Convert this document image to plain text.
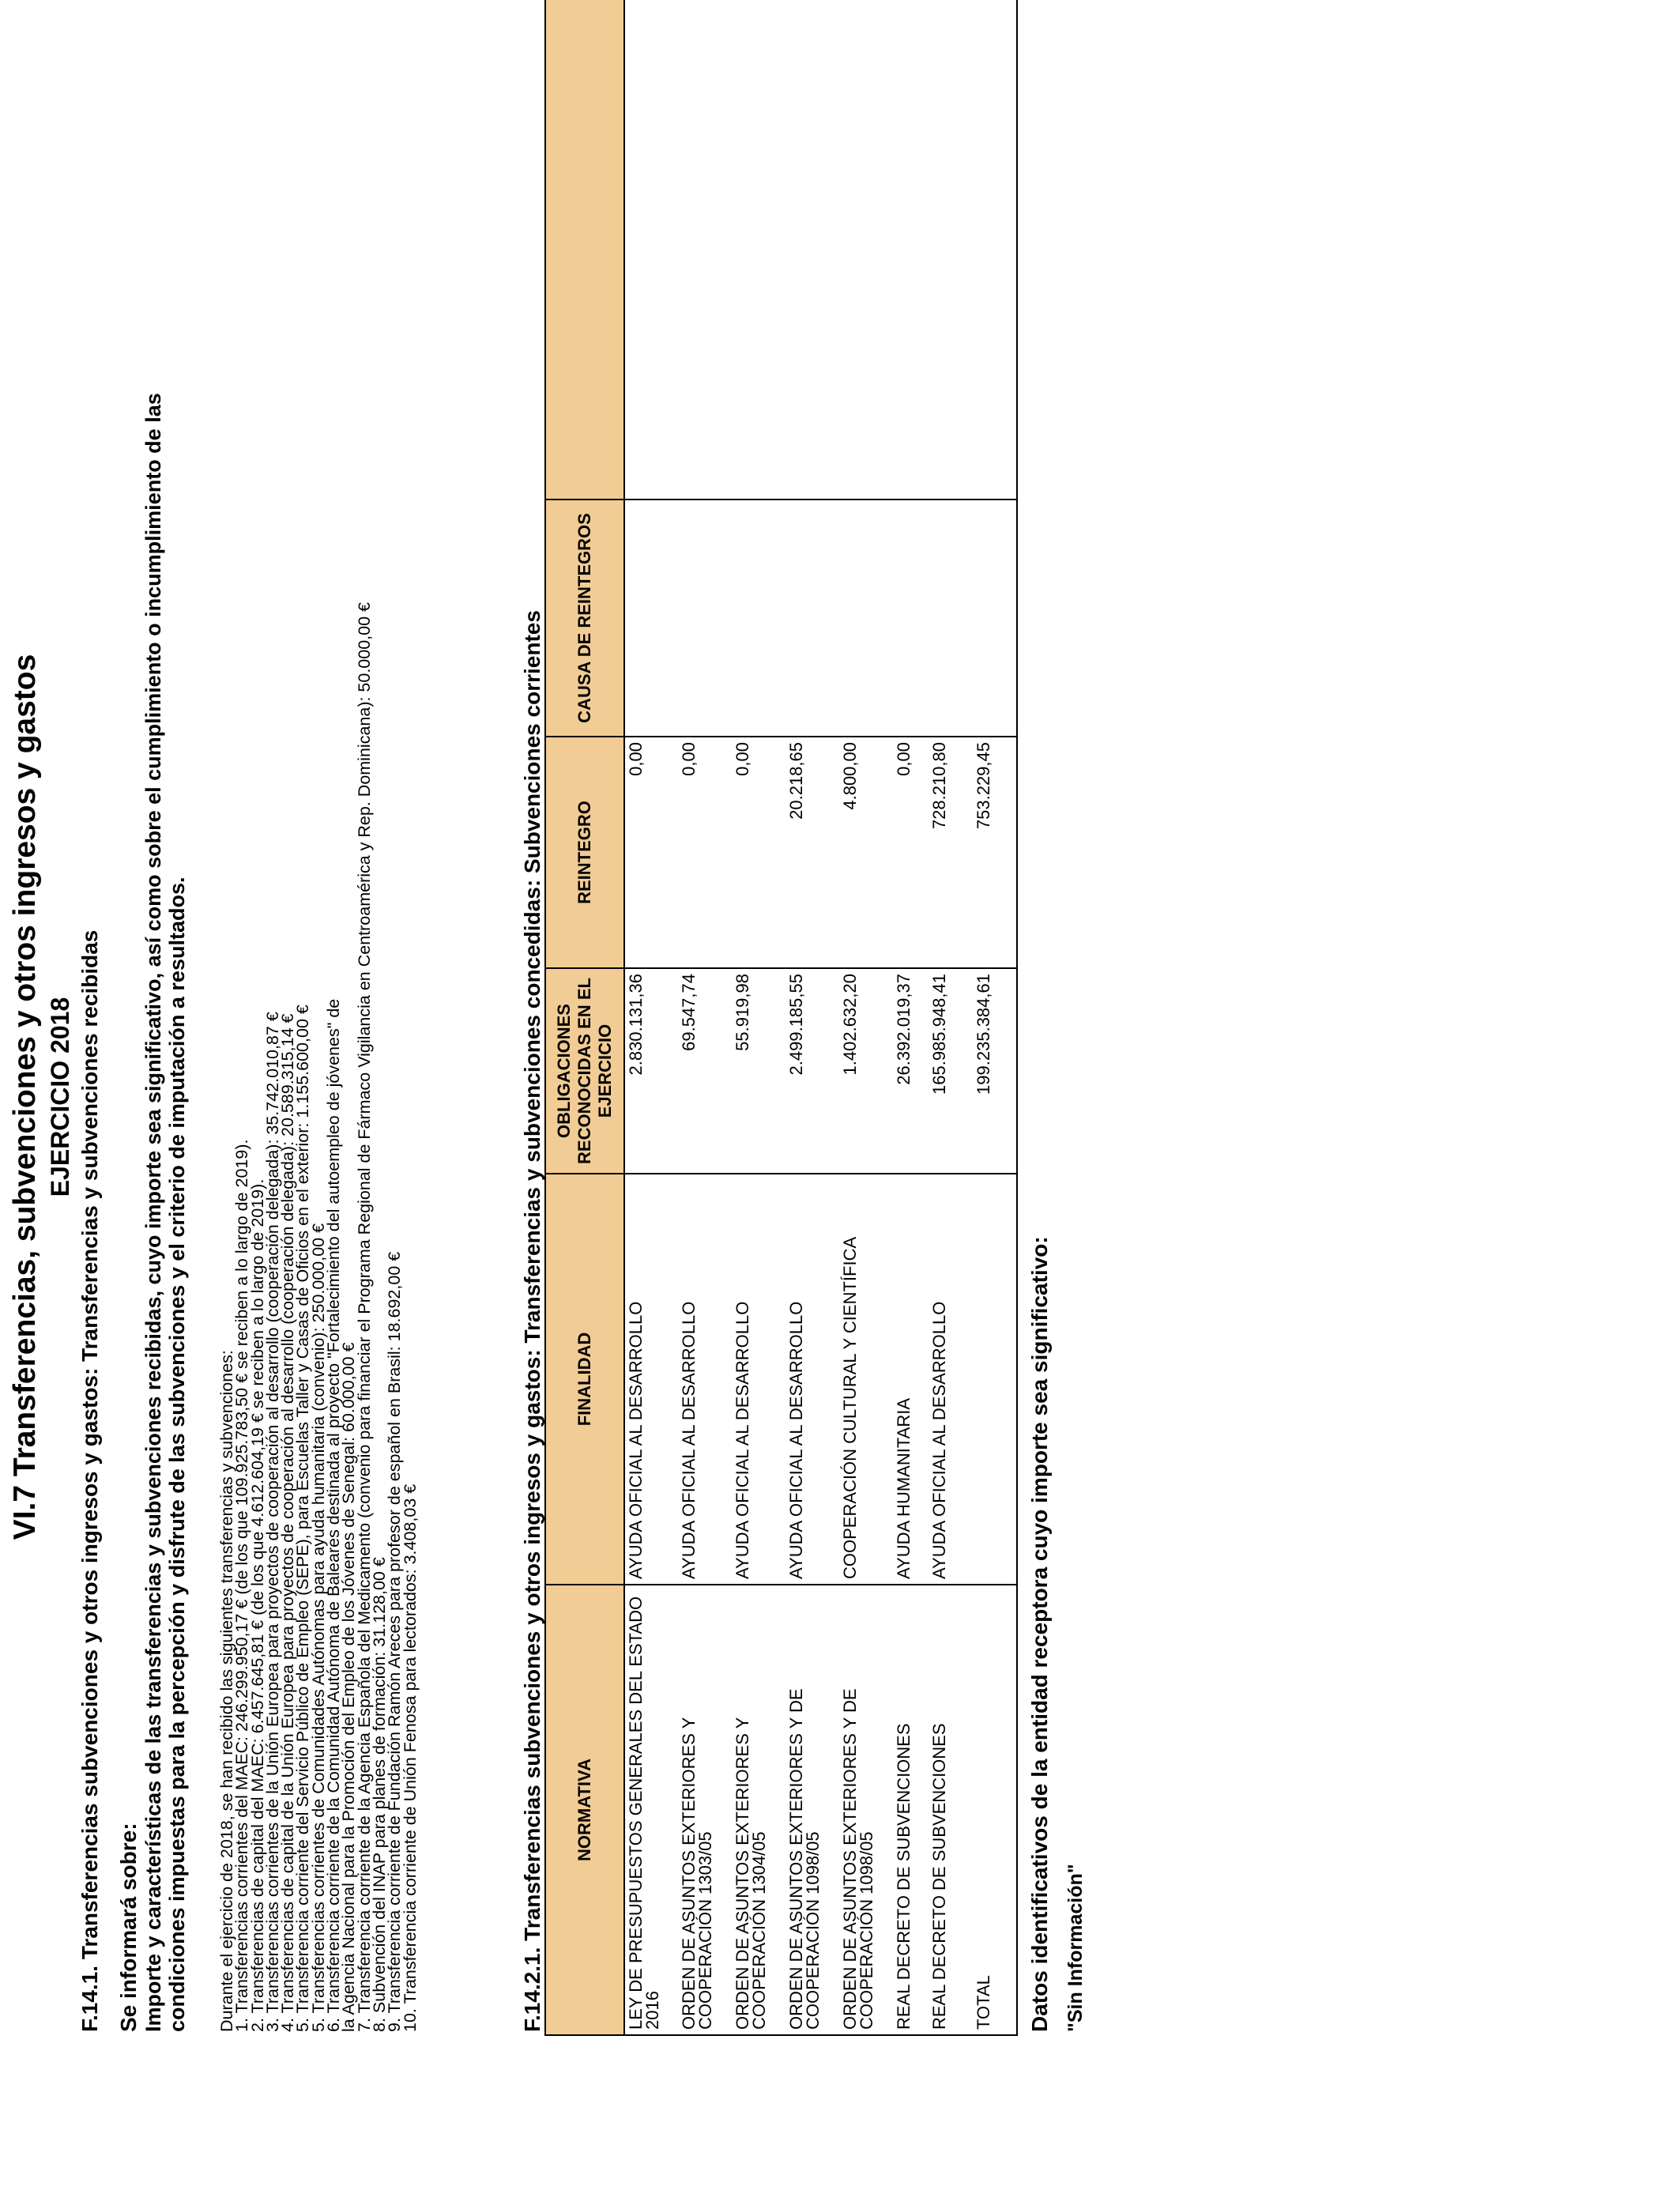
VI.7 Transferencias, subvenciones y otros ingresos y gastos EJERCICIO 2018 F.14.1. Transferencias subvenciones y otros ingresos y gastos: Transferencias y subvenciones recibidas Se informará sobre: Importe y características de las transferencias y subvenciones recibidas, cuyo importe sea significativo, así como sobre el cumplimiento o incumplimiento de las condiciones impuestas para la percepción y disfrute de las subvenciones y el criterio de imputación a resultados. Durante el ejercicio de 2018, se han recibido las siguientes transferencias y subvenciones:
1. Transferencias corrientes del MAEC: 246.299.950,17 € (de los que 109.925.783,50 € se reciben a lo largo de 2019).
2. Transferencias de capital del MAEC: 6.457.645,81 € (de los que 4.612.604,19 € se reciben a lo largo de 2019).
3. Transferencias corrientes de la Unión Europea para proyectos de cooperación al desarrollo (cooperación delegada): 35.742.010,87 €
4. Transferencias de capital de la Unión Europea para proyectos de cooperación al desarrollo (cooperación delegada): 20.589.315,14 €
5. Transferencia corriente del Servicio Público de Empleo (SEPE), para Escuelas Taller y Casas de Oficios en el exterior: 1.155.600,00 €
5. Transferencias corrientes de Comunidades Autónomas para ayuda humanitaria (convenio): 250.000,00 €
6. Transferencia corriente de la Comunidad Autónoma de Baleares destinada al proyecto "Fortalecimiento del autoempleo de jóvenes" de
la Agencia Nacional para la Promoción del Empleo de los Jóvenes de Senegal: 60.000,00 €
7. Transferencia corriente de la Agencia Española del Medicamento (convenio para financiar el Programa Regional de Fármaco Vigilancia en Centroamérica y Rep. Dominicana): 50.000,00 €
8. Subvención del INAP para planes de formación: 31.128,00 €
9. Transferencia corriente de Fundación Ramón Areces para profesor de español en Brasil: 18.692,00 €
10. Transferencia corriente de Unión Fenosa para lectorados: 3.408,03 €	F.14.2.1. Transferencias subvenciones y otros ingresos y gastos: Transferencias y subvenciones concedidas: Subvenciones corrientes NORMATIVA	FINALIDAD	OBLIGACIONES RECONOCIDAS EN EL EJERCICIO	REINTEGRO	CAUSA DE REINTEGROS	
LEY DE PRESUPUESTOS GENERALES DEL ESTADO 2016	AYUDA OFICIAL AL DESARROLLO	2.830.131,36	0,00		
ORDEN DE ASUNTOS EXTERIORES Y COOPERACIÓN 1303/05	AYUDA OFICIAL AL DESARROLLO	69.547,74	0,00		
ORDEN DE ASUNTOS EXTERIORES Y COOPERACIÓN 1304/05	AYUDA OFICIAL AL DESARROLLO	55.919,98	0,00		
ORDEN DE ASUNTOS EXTERIORES Y DE COOPERACIÓN 1098/05	AYUDA OFICIAL AL DESARROLLO	2.499.185,55	20.218,65		
ORDEN DE ASUNTOS EXTERIORES Y DE COOPERACIÓN 1098/05	COOPERACIÓN CULTURAL Y CIENTÍFICA	1.402.632,20	4.800,00		
REAL DECRETO DE SUBVENCIONES	AYUDA HUMANITARIA	26.392.019,37	0,00		
REAL DECRETO DE SUBVENCIONES	AYUDA OFICIAL AL DESARROLLO	165.985.948,41	728.210,80		
TOTAL		199.235.384,61	753.229,45		
Datos identificativos de la entidad receptora cuyo importe sea significativo: "Sin Información"
